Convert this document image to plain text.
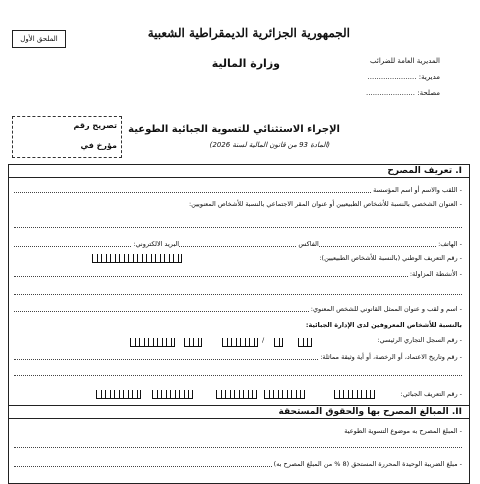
الملحق الأول	الجمهورية الجزائرية الديمقراطية الشعبية
المديرية العامة للضرائب
وزارة المالية
مديرية: ......................
مصلحة: ......................
تصريح رقم
مؤرخ في
الإجراء الاستثنائي للتسوية الجبائية الطوعية
(المادة 93 من قانون المالية لسنة 2026)
I. تعريف المصرح
- اللقب والاسم أو اسم المؤسسة
- العنوان الشخصي بالنسبة للأشخاص الطبيعيين أو عنوان المقر الاجتماعي بالنسبة للأشخاص المعنويين:
- الهاتف:
الفاكس
البريد الالكتروني:
- رقم التعريف الوطني (بالنسبة للأشخاص الطبيعيين):
- الأنشطة المزاولة:
- اسم و لقب و عنوان الممثل القانوني للشخص المعنوي:
بالنسبة للأشخاص المعروفين لدى الإدارة الجبائية:
- رقم السجل التجاري الرئيسي:
/
- رقم وتاريخ الاعتماد، أو الرخصة، أو أية وثيقة مماثلة:
- رقم التعريف الجبائي:
II. المبالغ المصرح بها والحقوق المستحقة
- المبلغ المصرح به موضوع التسوية الطوعية
- مبلغ الضريبة الوحيدة المحررة المستحق (8 % من المبلغ المصرح به)
